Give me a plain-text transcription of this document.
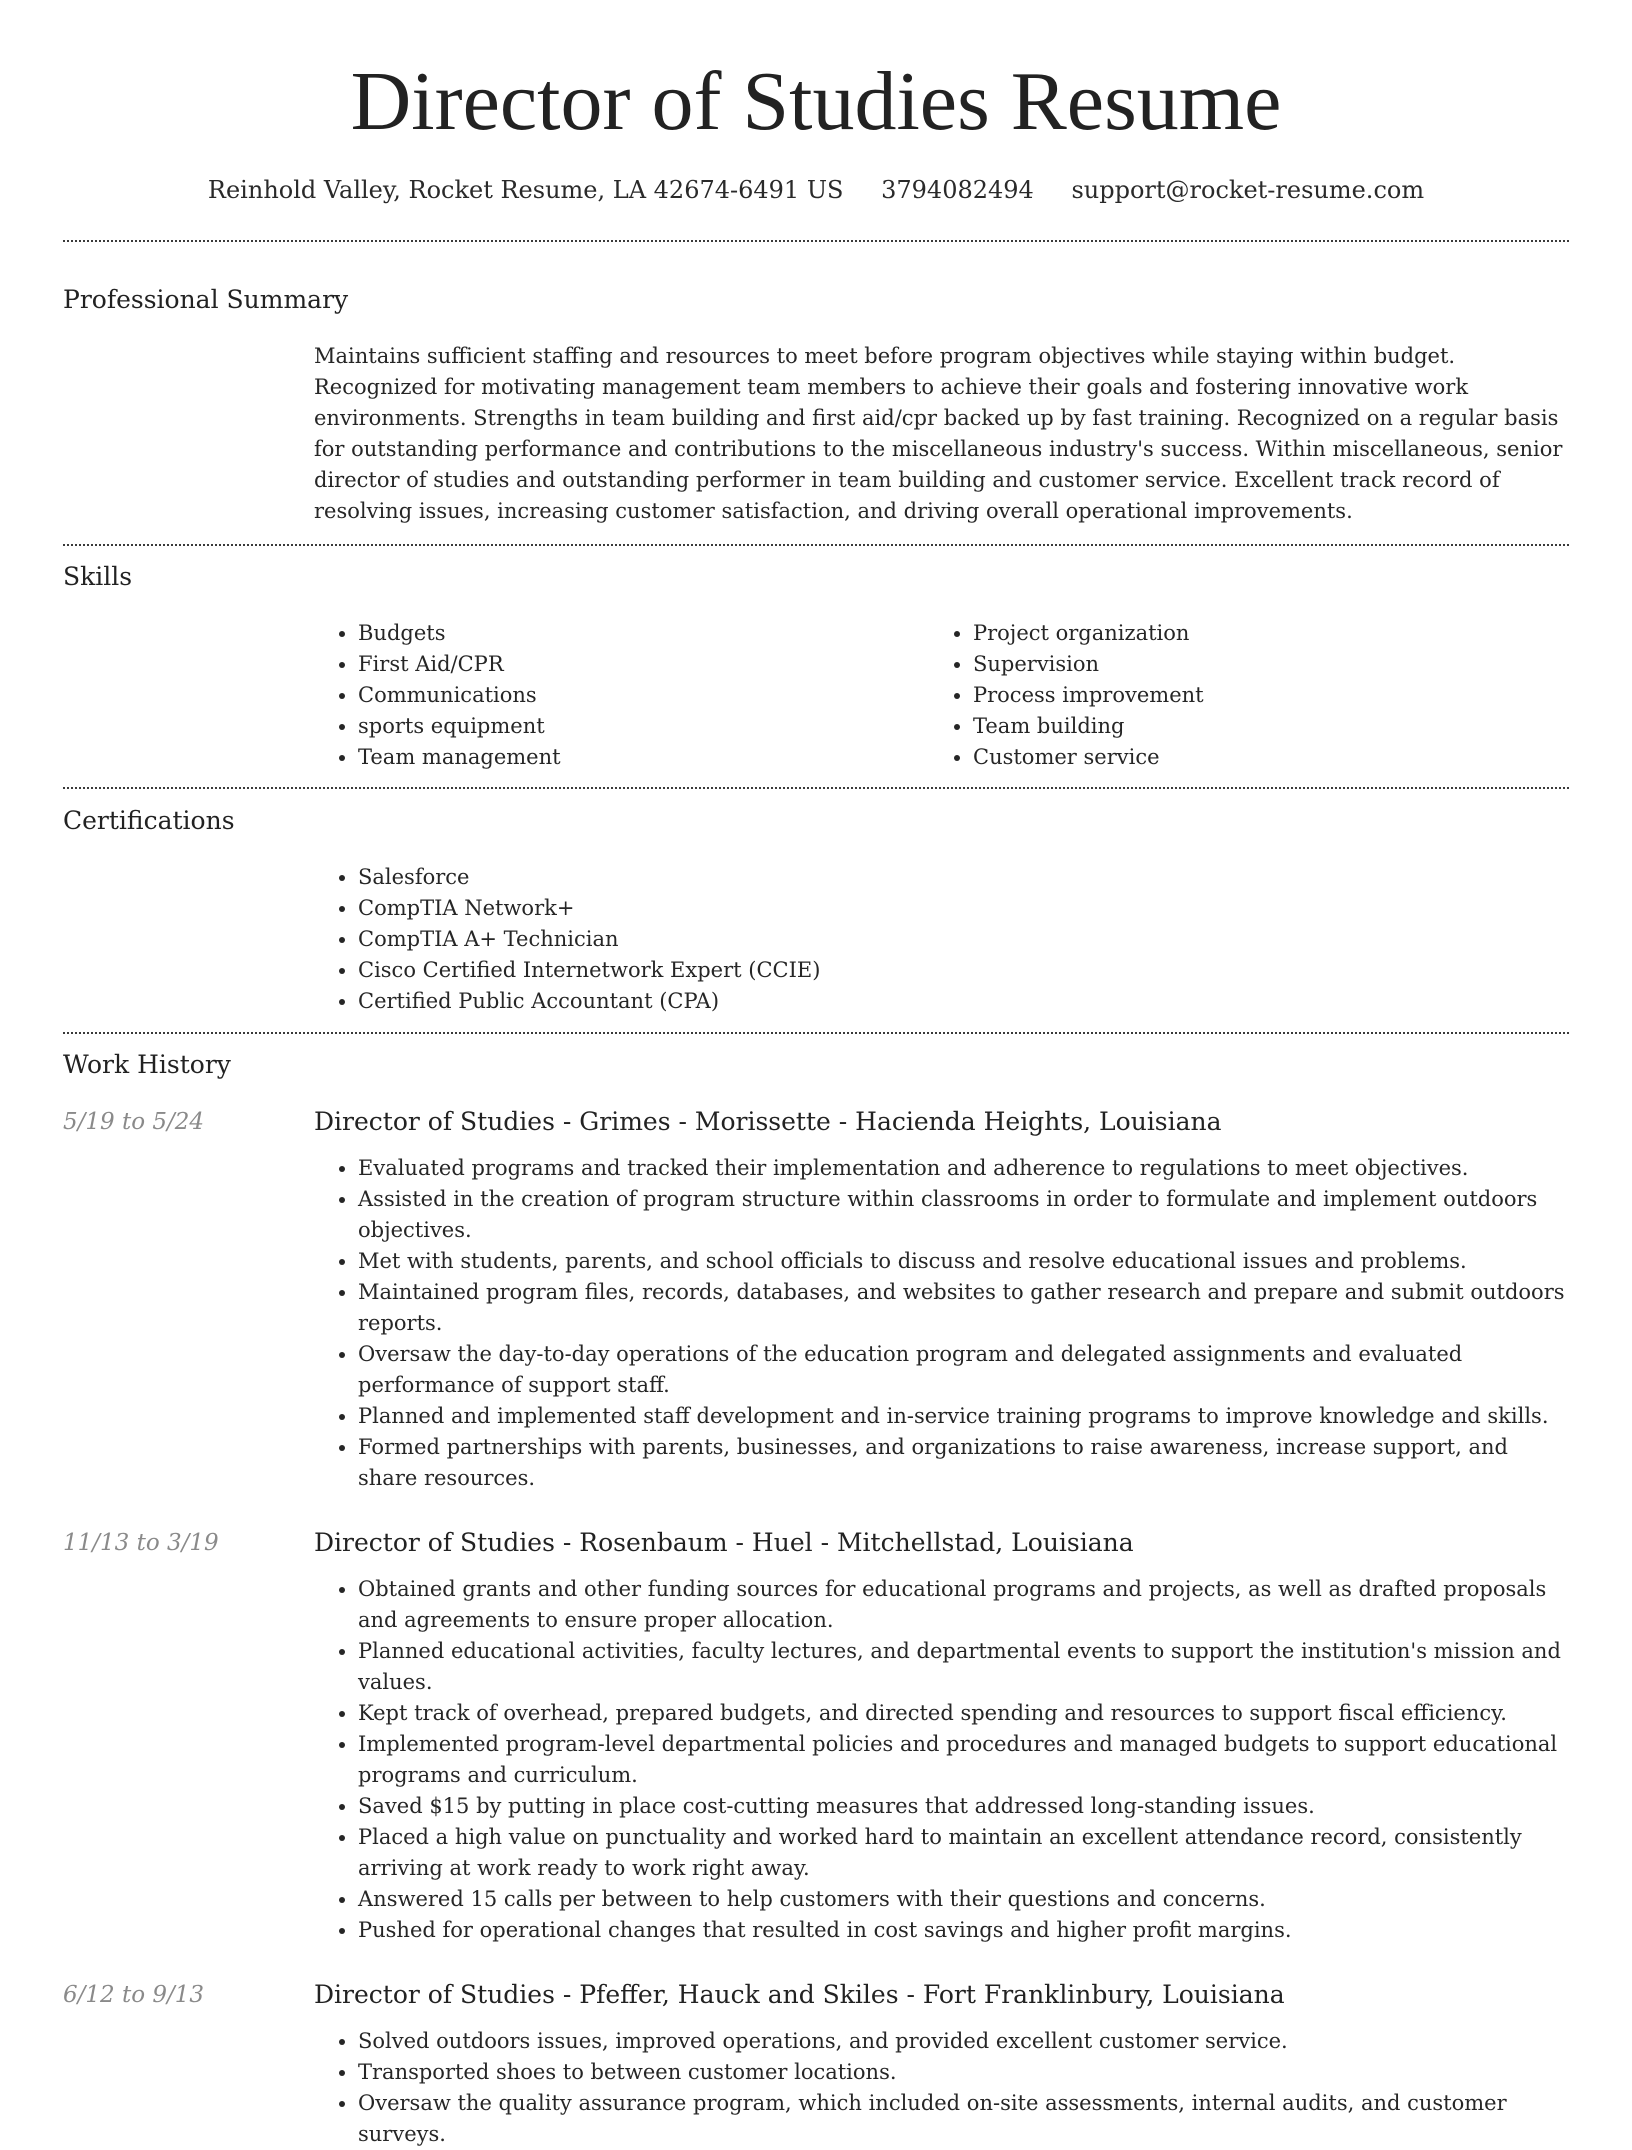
Director of Studies Resume
Reinhold Valley, Rocket Resume, LA 42674-6491 US 3794082494 support@rocket-resume.com
Professional Summary
Maintains sufficient staffing and resources to meet before program objectives while staying within budget. Recognized for motivating management team members to achieve their goals and fostering innovative work environments. Strengths in team building and first aid/cpr backed up by fast training. Recognized on a regular basis for outstanding performance and contributions to the miscellaneous industry's success. Within miscellaneous, senior director of studies and outstanding performer in team building and customer service. Excellent track record of resolving issues, increasing customer satisfaction, and driving overall operational improvements.
Skills
• Budgets
• First Aid/CPR
• Communications
• sports equipment
• Team management
• Project organization
• Supervision
• Process improvement
• Team building
• Customer service
Certifications
• Salesforce
• CompTIA Network+
• CompTIA A+ Technician
• Cisco Certified Internetwork Expert (CCIE)
• Certified Public Accountant (CPA)
Work History
5/19 to 5/24	Director of Studies - Grimes - Morissette - Hacienda Heights, Louisiana
• Evaluated programs and tracked their implementation and adherence to regulations to meet objectives.
• Assisted in the creation of program structure within classrooms in order to formulate and implement outdoors objectives.
• Met with students, parents, and school officials to discuss and resolve educational issues and problems.
• Maintained program files, records, databases, and websites to gather research and prepare and submit outdoors reports.
• Oversaw the day-to-day operations of the education program and delegated assignments and evaluated performance of support staff.
• Planned and implemented staff development and in-service training programs to improve knowledge and skills.
• Formed partnerships with parents, businesses, and organizations to raise awareness, increase support, and share resources.
11/13 to 3/19	Director of Studies - Rosenbaum - Huel - Mitchellstad, Louisiana
• Obtained grants and other funding sources for educational programs and projects, as well as drafted proposals and agreements to ensure proper allocation.
• Planned educational activities, faculty lectures, and departmental events to support the institution's mission and values.
• Kept track of overhead, prepared budgets, and directed spending and resources to support fiscal efficiency.
• Implemented program-level departmental policies and procedures and managed budgets to support educational programs and curriculum.
• Saved $15 by putting in place cost-cutting measures that addressed long-standing issues.
• Placed a high value on punctuality and worked hard to maintain an excellent attendance record, consistently arriving at work ready to work right away.
• Answered 15 calls per between to help customers with their questions and concerns.
• Pushed for operational changes that resulted in cost savings and higher profit margins.
6/12 to 9/13	Director of Studies - Pfeffer, Hauck and Skiles - Fort Franklinbury, Louisiana
• Solved outdoors issues, improved operations, and provided excellent customer service.
• Transported shoes to between customer locations.
• Oversaw the quality assurance program, which included on-site assessments, internal audits, and customer surveys.
